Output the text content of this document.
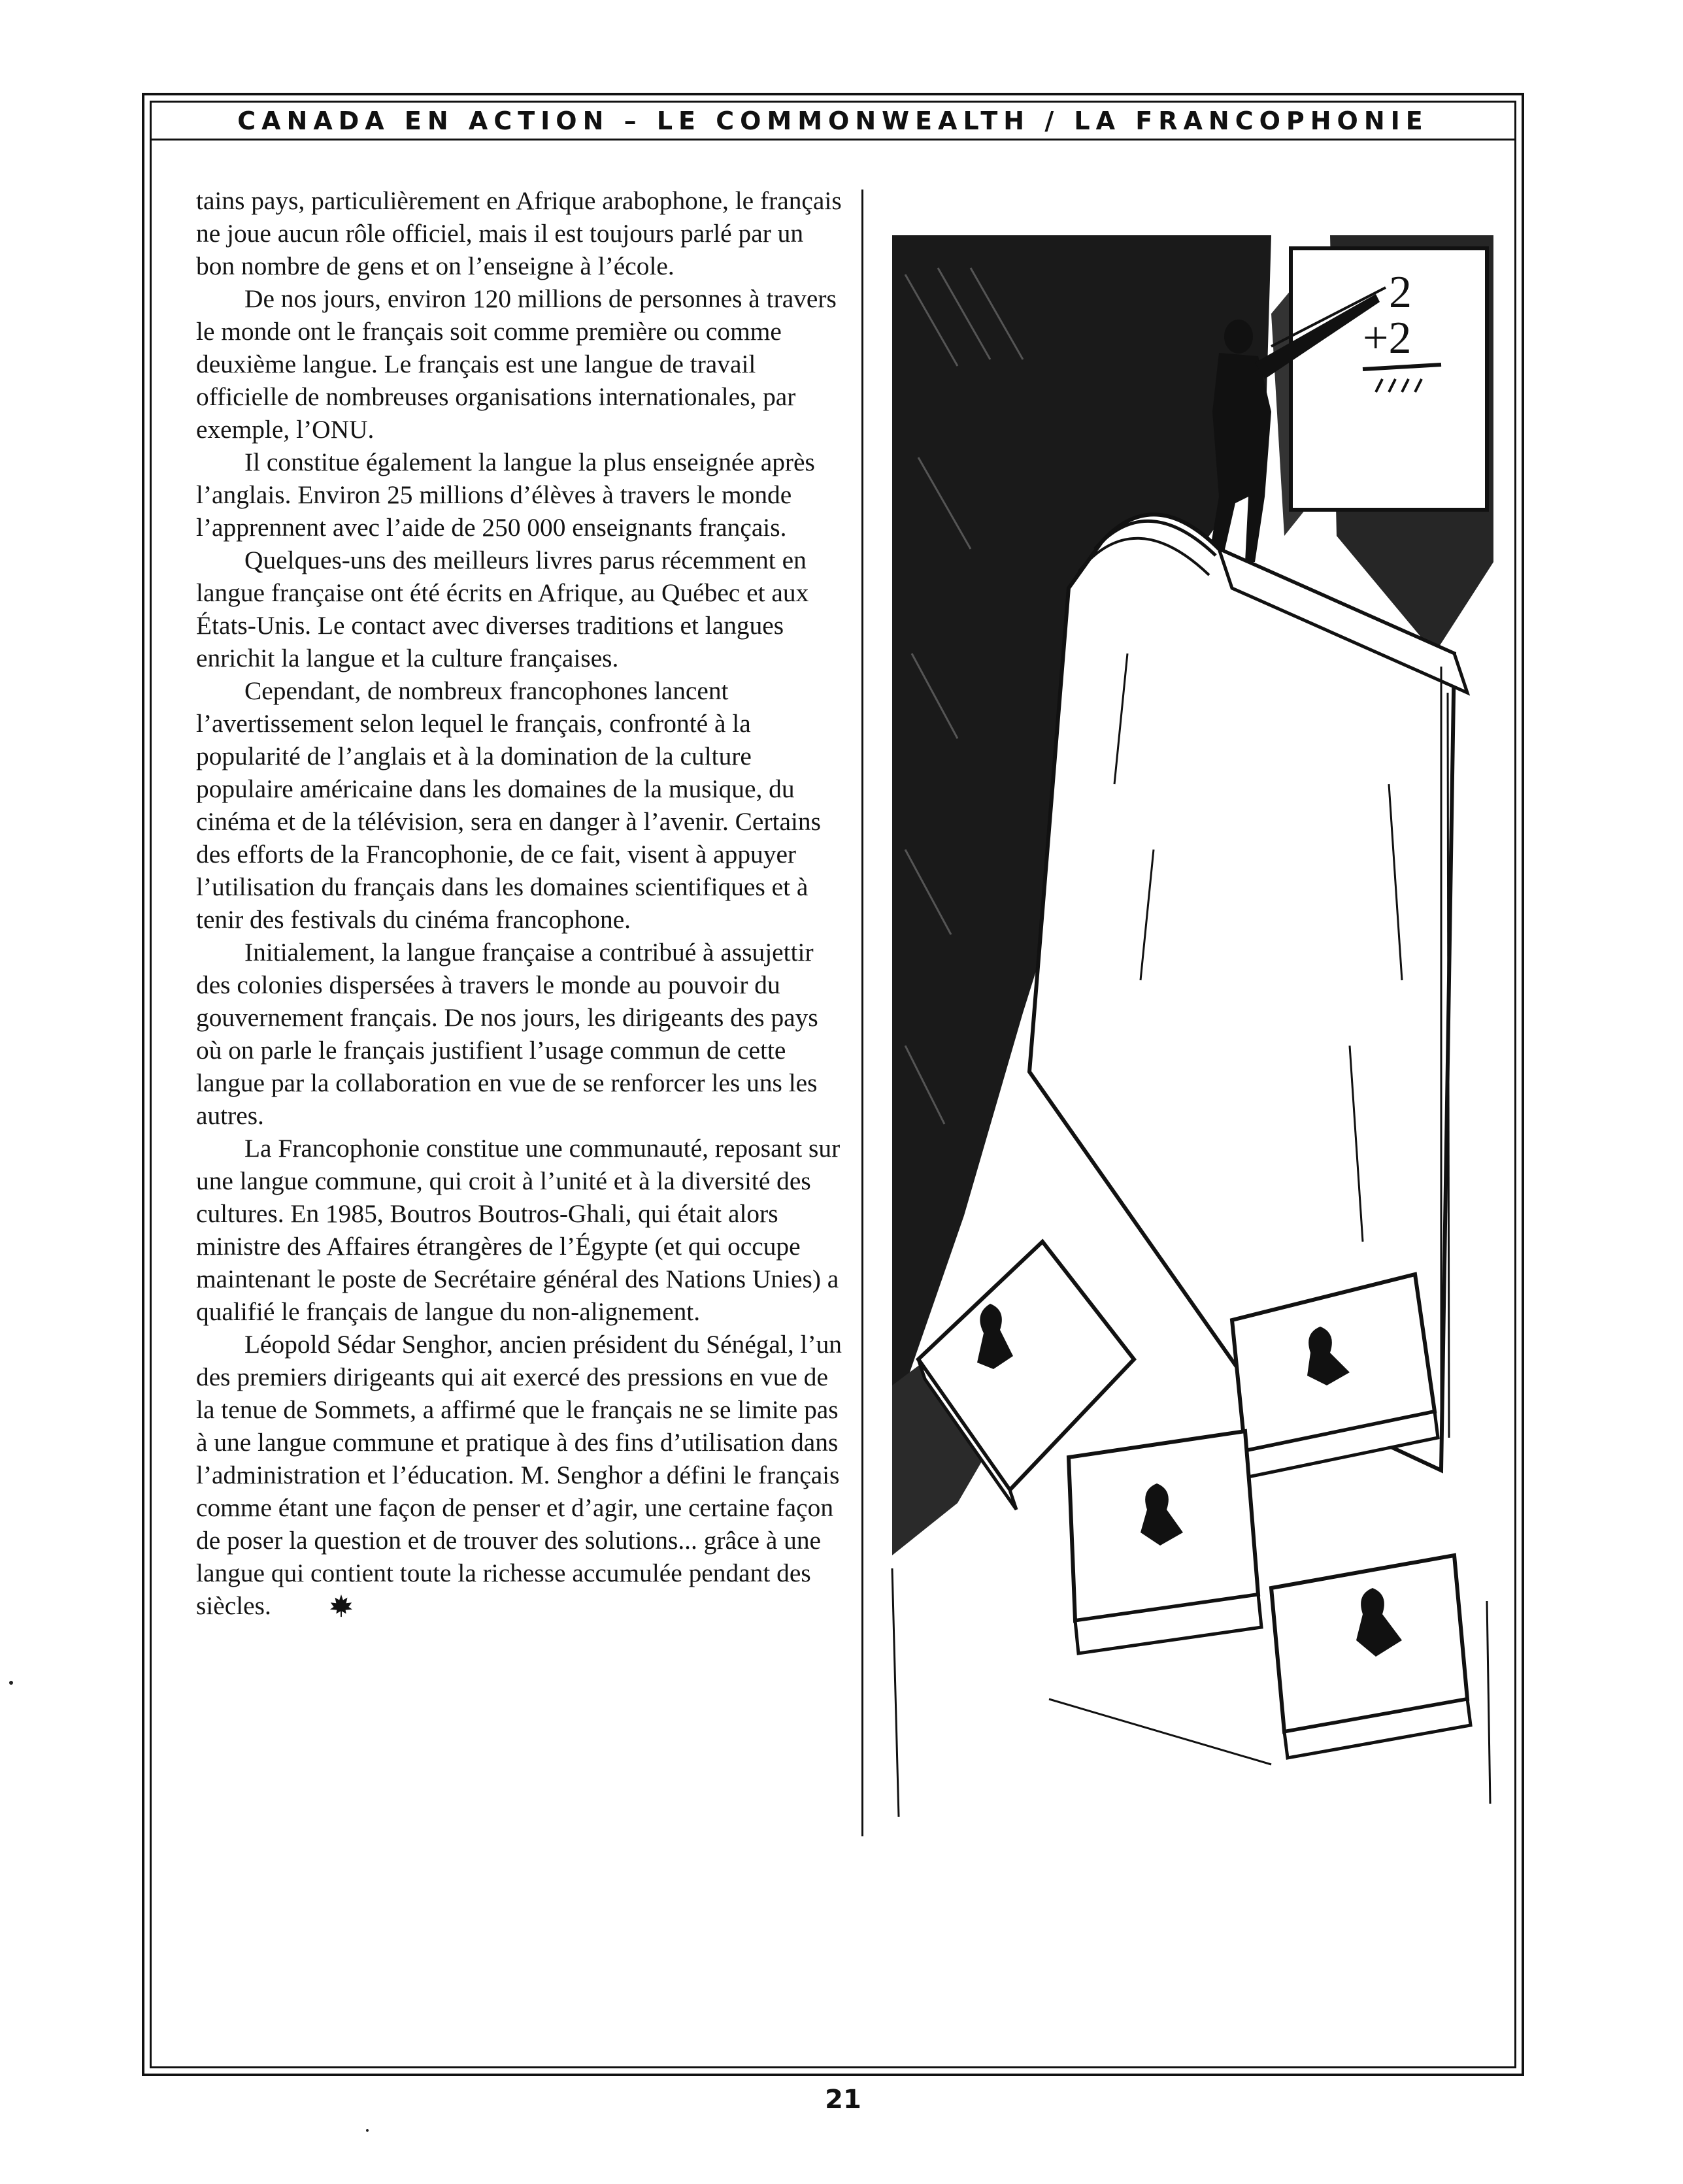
CANADA EN ACTION – LE COMMONWEALTH / LA FRANCOPHONIE

tains pays, particulièrement en Afrique arabophone, le français ne joue aucun rôle officiel, mais il est toujours parlé par un bon nombre de gens et on l’enseigne à l’école.

De nos jours, environ 120 millions de personnes à travers le monde ont le français soit comme première ou comme deuxième langue. Le français est une langue de travail officielle de nombreuses organisations internationales, par exemple, l’ONU.

Il constitue également la langue la plus enseignée après l’anglais. Environ 25 millions d’élèves à travers le monde l’apprennent avec l’aide de 250 000 enseignants français.

Quelques-uns des meilleurs livres parus récemment en langue française ont été écrits en Afrique, au Québec et aux États-Unis. Le contact avec diverses traditions et langues enrichit la langue et la culture françaises.

Cependant, de nombreux francophones lancent l’avertissement selon lequel le français, confronté à la popularité de l’anglais et à la domination de la culture populaire américaine dans les domaines de la musique, du cinéma et de la télévision, sera en danger à l’avenir. Certains des efforts de la Francophonie, de ce fait, visent à appuyer l’utilisation du français dans les domaines scientifiques et à tenir des festivals du cinéma francophone.

Initialement, la langue française a contribué à assujettir des colonies dispersées à travers le monde au pouvoir du gouvernement français. De nos jours, les dirigeants des pays où on parle le français justifient l’usage commun de cette langue par la collaboration en vue de se renforcer les uns les autres.

La Francophonie constitue une communauté, reposant sur une langue commune, qui croit à l’unité et à la diversité des cultures. En 1985, Boutros Boutros-Ghali, qui était alors ministre des Affaires étrangères de l’Égypte (et qui occupe maintenant le poste de Secrétaire général des Nations Unies) a qualifié le français de langue du non-alignement.

Léopold Sédar Senghor, ancien président du Sénégal, l’un des premiers dirigeants qui ait exercé des pressions en vue de la tenue de Sommets, a affirmé que le français ne se limite pas à une langue commune et pratique à des fins d’utilisation dans l’administration et l’éducation. M. Senghor a défini le français comme étant une façon de penser et d’agir, une certaine façon de poser la question et de trouver des solutions... grâce à une langue qui contient toute la richesse accumulée pendant des siècles.

2
+2
21
